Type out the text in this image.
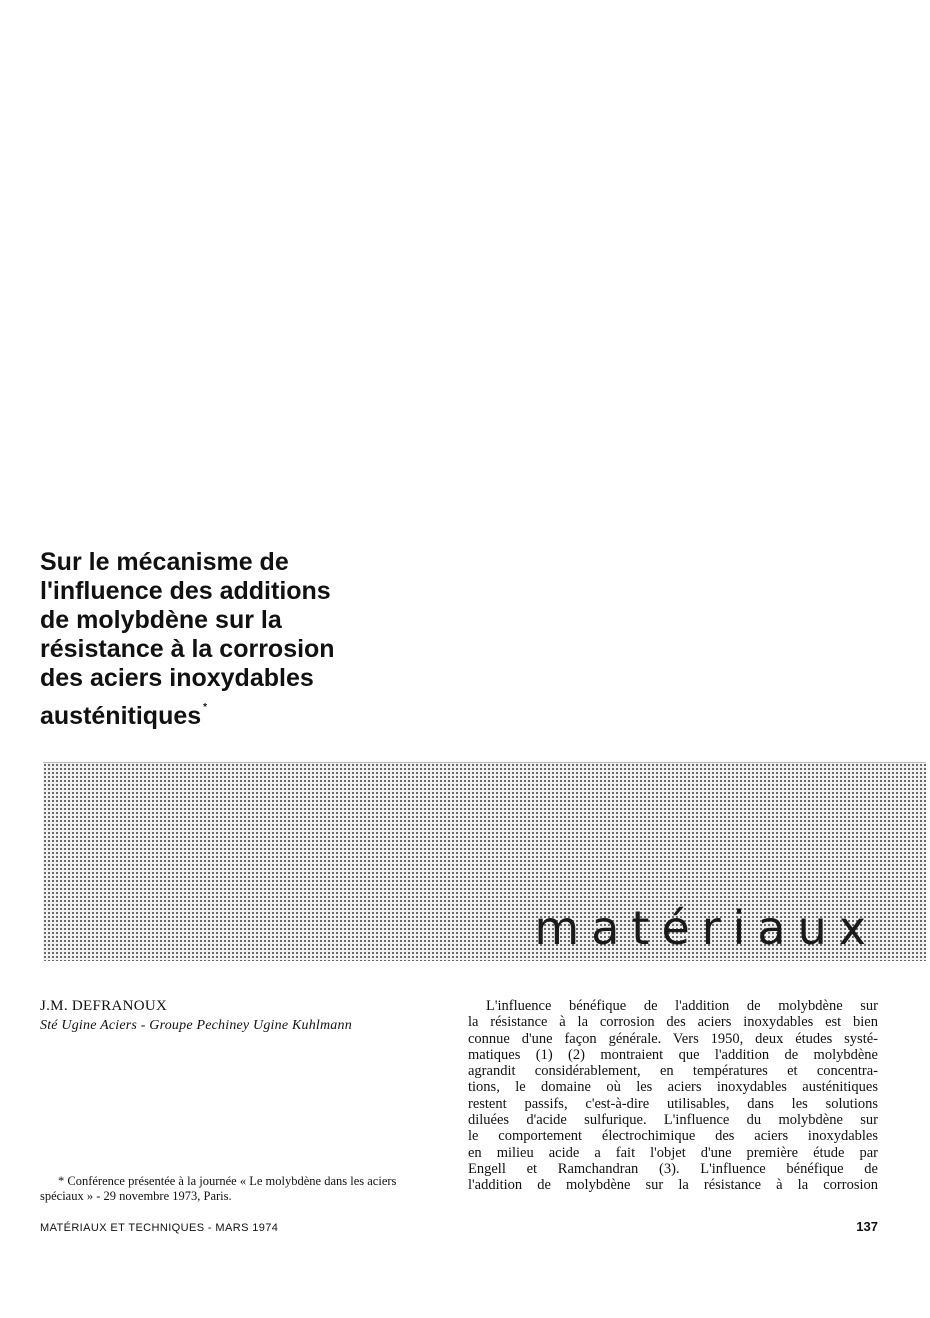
Sur le mécanisme de
l'influence des additions
de molybdène sur la
résistance à la corrosion
des aciers inoxydables
austénitiques *
matériaux
J.M. DEFRANOUX
Sté Ugine Aciers - Groupe Pechiney Ugine Kuhlmann
* Conférence présentée à la journée « Le molybdène dans les aciers
spéciaux » - 29 novembre 1973, Paris.
L'influence bénéfique de l'addition de molybdène sur
la résistance à la corrosion des aciers inoxydables est bien
connue d'une façon générale. Vers 1950, deux études systé-
matiques (1) (2) montraient que l'addition de molybdène
agrandit considérablement, en températures et concentra-
tions, le domaine où les aciers inoxydables austénitiques
restent passifs, c'est-à-dire utilisables, dans les solutions
diluées d'acide sulfurique. L'influence du molybdène sur
le comportement électrochimique des aciers inoxydables
en milieu acide a fait l'objet d'une première étude par
Engell et Ramchandran (3). L'influence bénéfique de
l'addition de molybdène sur la résistance à la corrosion
MATÉRIAUX ET TECHNIQUES - MARS 1974	137
